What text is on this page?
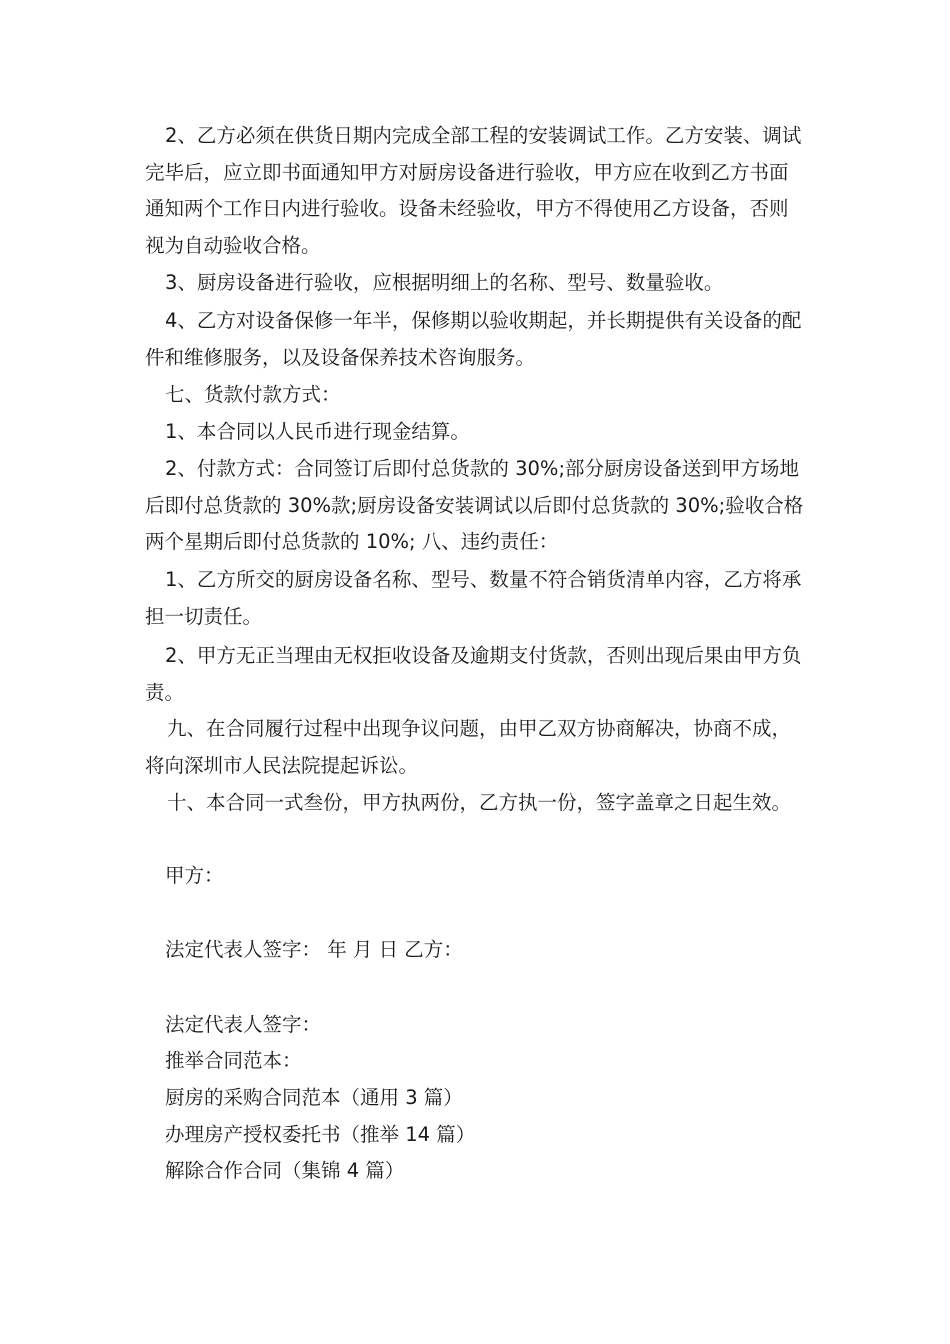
2、乙方必须在供货日期内完成全部工程的安装调试工作。乙方安装、调试完毕后，应立即书面通知甲方对厨房设备进行验收，甲方应在收到乙方书面通知两个工作日内进行验收。设备未经验收，甲方不得使用乙方设备，否则视为自动验收合格。
3、厨房设备进行验收，应根据明细上的名称、型号、数量验收。
4、乙方对设备保修一年半，保修期以验收期起，并长期提供有关设备的配件和维修服务，以及设备保养技术咨询服务。
七、货款付款方式：
1、本合同以人民币进行现金结算。
2、付款方式：合同签订后即付总货款的 30%;部分厨房设备送到甲方场地后即付总货款的 30%款;厨房设备安装调试以后即付总货款的 30%;验收合格两个星期后即付总货款的 10%; 八、违约责任：
1、乙方所交的厨房设备名称、型号、数量不符合销货清单内容，乙方将承担一切责任。
2、甲方无正当理由无权拒收设备及逾期支付货款，否则出现后果由甲方负责。
九、在合同履行过程中出现争议问题，由甲乙双方协商解决，协商不成，将向深圳市人民法院提起诉讼。
十、本合同一式叁份，甲方执两份，乙方执一份，签字盖章之日起生效。
甲方：
法定代表人签字： 年 月 日 乙方：
法定代表人签字：
推举合同范本：
厨房的采购合同范本（通用 3 篇）
办理房产授权委托书（推举 14 篇）
解除合作合同（集锦 4 篇）
